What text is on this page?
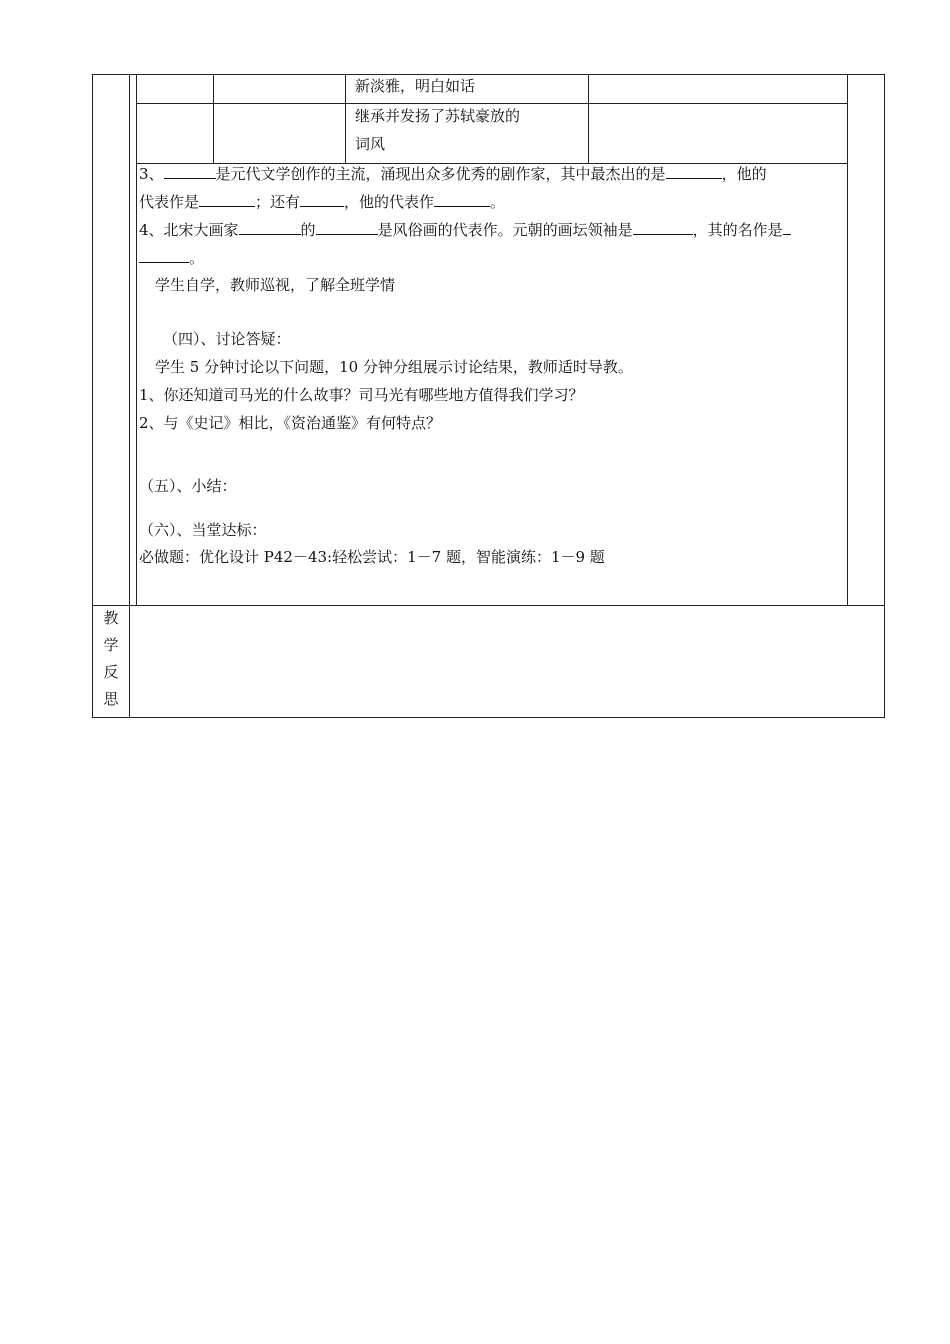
新淡雅，明白如话
继承并发扬了苏轼豪放的
词风
3、	是元代文学创作的主流，涌现出众多优秀的剧作家，其中最杰出的是	，他的
代表作是	；还有	，他的代表作	。
4、北宋大画家	的	是风俗画的代表作。元朝的画坛领袖是	，其的名作是
。
学生自学，教师巡视，了解全班学情
（四）、讨论答疑：
学生 5 分钟讨论以下问题，10 分钟分组展示讨论结果，教师适时导教。
1、你还知道司马光的什么故事？司马光有哪些地方值得我们学习？
2、与《史记》相比，《资治通鉴》有何特点？
（五）、小结：
（六）、当堂达标：
必做题：优化设计 P42－43:轻松尝试：1－7 题，智能演练：1－9 题
教
学
反
思
